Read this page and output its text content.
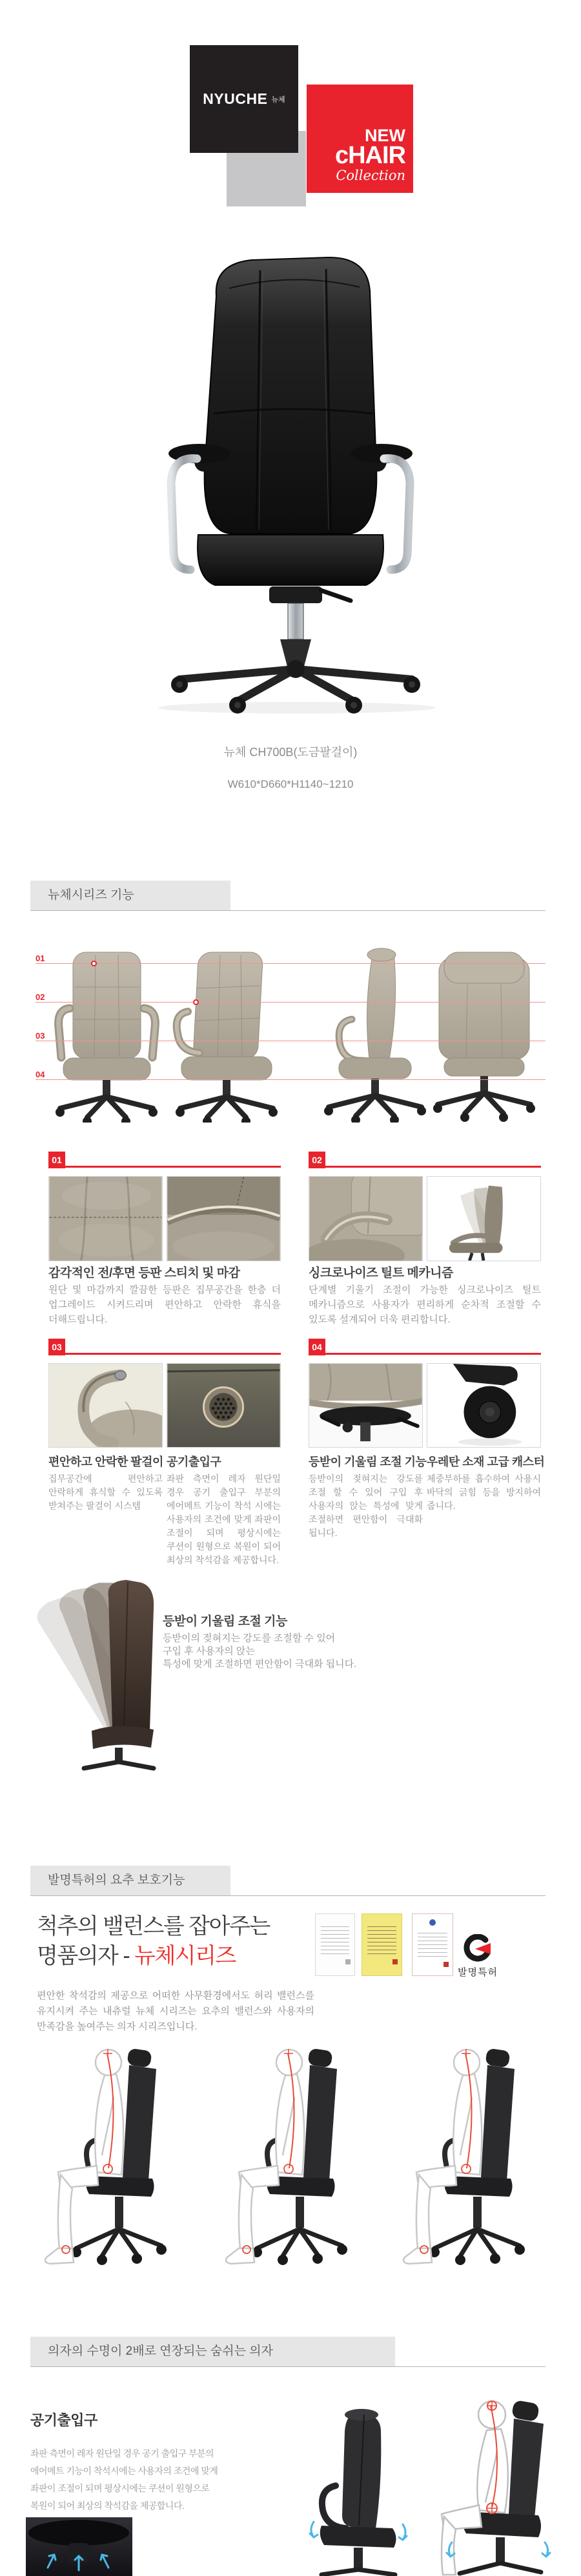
NYUCHE 뉴체
NEW
cHAIR
Collection
뉴체 CH700B(도금팔걸이)
W610*D660*H1140~1210
뉴체시리즈 기능
01
02
03
04
01
감각적인 전/후면 등판 스티치 및 마감
원단 및 마감까지 깔끔한 등판은 집무공간을 한층 더 업그레이드 시켜드리며 편안하고 안락한 휴식을 더해드립니다.
02
싱크로나이즈 틸트 메카니즘
단계별 기울기 조절이 가능한 싱크로나이즈 틸트 메카니즘으로 사용자가 편리하게 순차적 조절할 수 있도록 설계되어 더욱 편리합니다.
03
편안하고 안락한 팔걸이
집무공간에 편안하고 안락하게 휴식할 수 있도록 받쳐주는 팔걸이 시스템
공기출입구
좌판 측면이 레자 원단일 경우 공기 출입구 부분의 에어메트 기능이 착석 시에는 사용자의 조건에 맞게 좌판이 조절이 되며 평상시에는 쿠션이 원형으로 복원이 되어 최상의 착석감을 제공합니다.
04
등받이 기울림 조절 기능
등받이의 젖혀지는 강도를 조절 할 수 있어 구입 후 사용자의 앉는 특성에 맞게 조절하면 편안함이 극대화 됩니다.
우레탄 소재 고급 캐스터
체중부하를 흡수하여 사용시 바닥의 긁힘 등을 방지하여 줍니다.
등받이 기울림 조절 기능
등받이의 젖혀지는 강도를 조절할 수 있어
구입 후 사용자의 앉는
특성에 맞게 조절하면 편안함이 극대화 됩니다.
발명특허의 요추 보호기능
척추의 밸런스를 잡아주는
명품의자 - 뉴체시리즈
편안한 착석감의 제공으로 어떠한 사무환경에서도 허리 밸런스를 유지시켜 주는 내츄럴 뉴체 시리즈는 요추의 밸런스와 사용자의 만족감을 높여주는 의자 시리즈입니다.
발명특허
의자의 수명이 2배로 연장되는 숨쉬는 의자
공기출입구
좌판 측면이 레자 원단일 경우 공기 출입구 부분의
에어메트 기능이 착석시에는 사용자의 조건에 맞게
좌판이 조절이 되며 평상시에는 쿠션이 원형으로
복원이 되어 최상의 착석감을 제공합니다.
